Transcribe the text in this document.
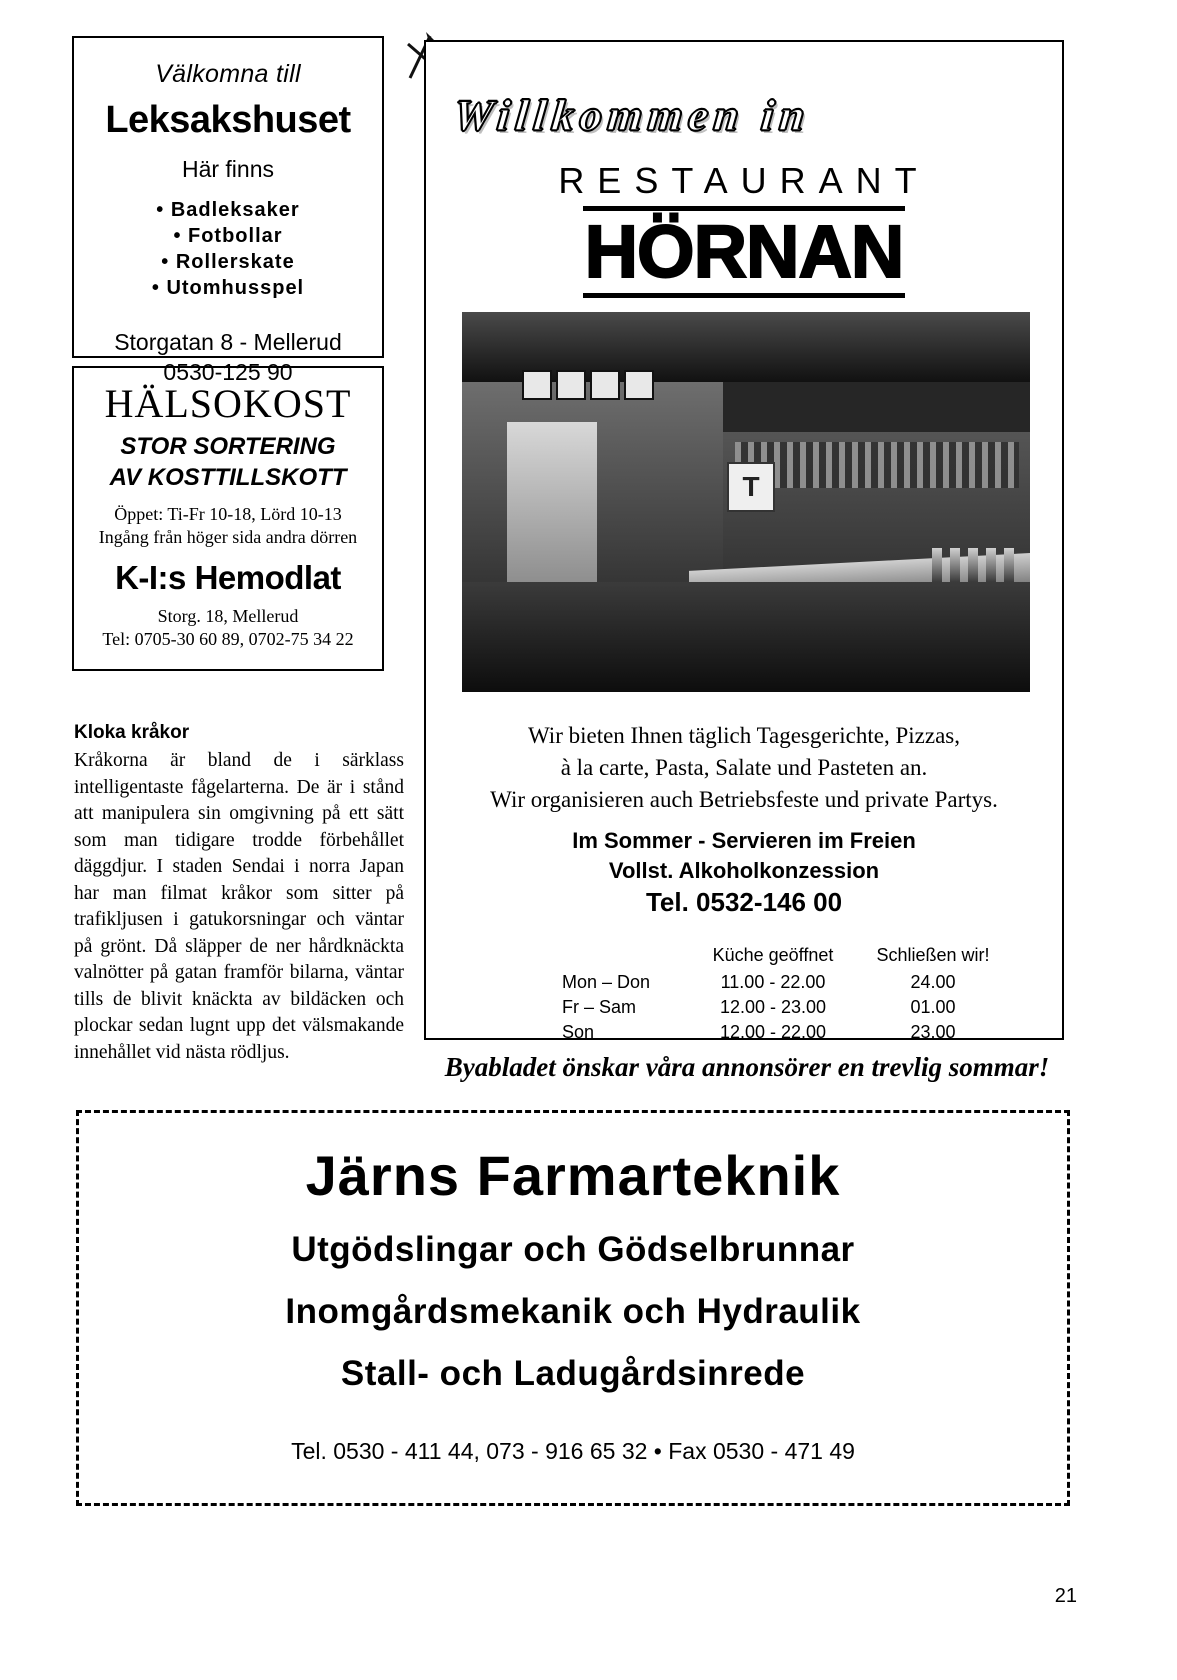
Välkomna till
Leksakshuset
Här finns
• Badleksaker
• Fotbollar
• Rollerskate
• Utomhusspel
Storgatan 8 - Mellerud
0530-125 90
HÄLSOKOST
STOR SORTERING
AV KOSTTILLSKOTT
Öppet: Ti-Fr 10-18, Lörd 10-13
Ingång från höger sida andra dörren
K-I:s Hemodlat
Storg. 18, Mellerud
Tel: 0705-30 60 89, 0702-75 34 22
Kloka kråkor
Kråkorna är bland de i särklass intelligentaste fågelarterna. De är i stånd att manipulera sin omgivning på ett sätt som man tidigare trodde förbehållet däggdjur. I staden Sendai i norra Japan har man filmat kråkor som sitter på trafikljusen i gatukorsningar och väntar på grönt. Då släpper de ner hårdknäckta valnötter på gatan framför bilarna, väntar tills de blivit knäckta av bildäcken och plockar sedan lugnt upp det välsmakande innehållet vid nästa rödljus.
Willkommen in
RESTAURANT
HÖRNAN
T
Wir bieten Ihnen täglich Tagesgerichte, Pizzas,
à la carte, Pasta, Salate und Pasteten an.
Wir organisieren auch Betriebsfeste und private Partys.
Im Sommer - Servieren im Freien
Vollst. Alkoholkonzession
Tel. 0532-146 00
	Küche geöffnet	Schließen wir!
Mon – Don	11.00 - 22.00	24.00
Fr – Sam	12.00 - 23.00	01.00
Son	12.00 - 22.00	23.00
Byabladet önskar våra annonsörer en trevlig sommar!
Järns Farmarteknik
Utgödslingar och Gödselbrunnar
Inomgårdsmekanik och Hydraulik
Stall- och Ladugårdsinrede
Tel. 0530 - 411 44, 073 - 916 65 32 • Fax 0530 - 471 49
21
